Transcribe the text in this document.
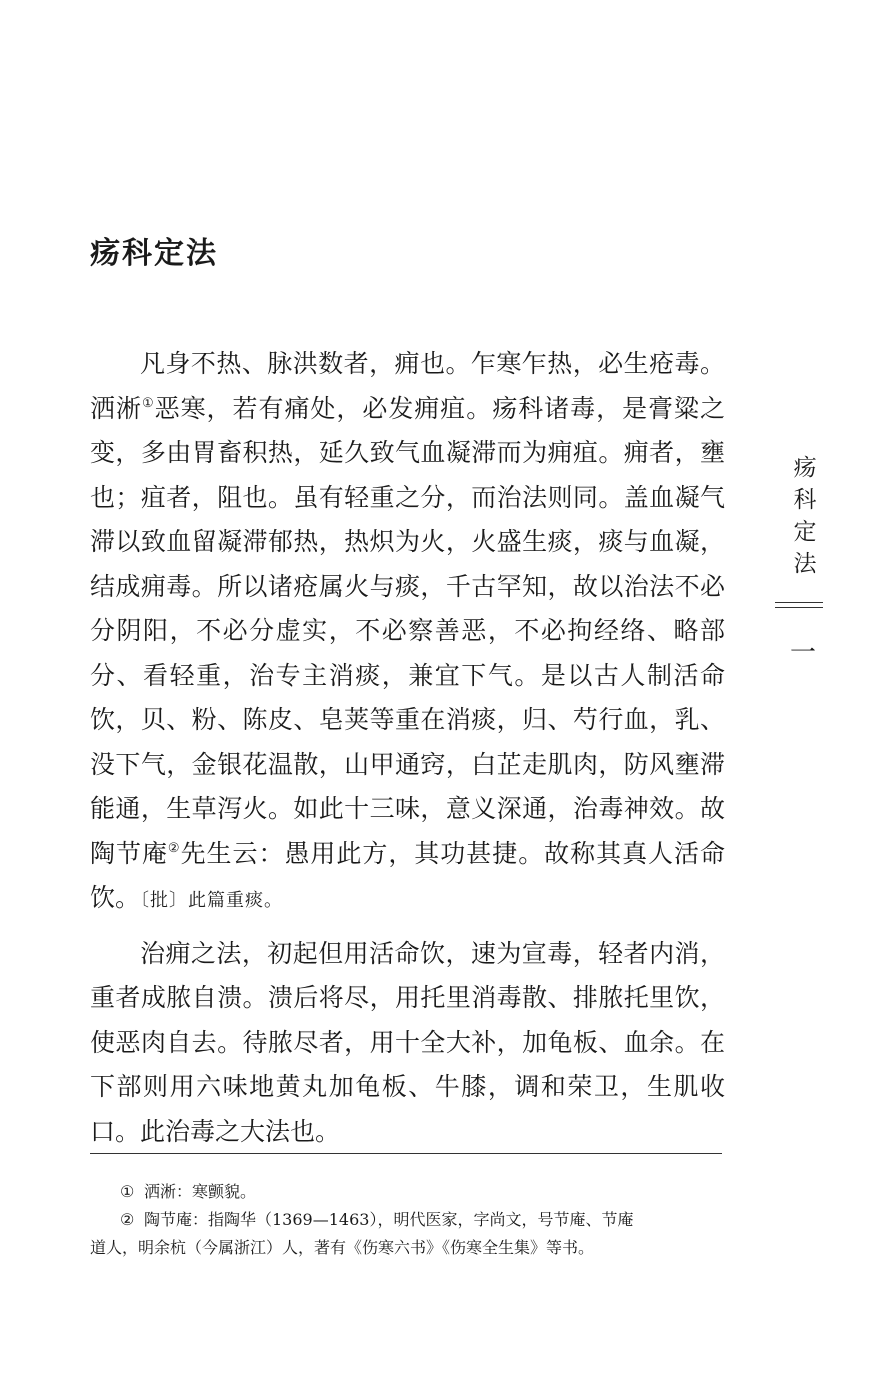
疡科定法
凡身不热、脉洪数者，痈也。乍寒乍热，必生疮毒。
洒淅①恶寒，若有痛处，必发痈疽。疡科诸毒，是膏粱之
变，多由胃畜积热，延久致气血凝滞而为痈疽。痈者，壅
也；疽者，阻也。虽有轻重之分，而治法则同。盖血凝气
滞以致血留凝滞郁热，热炽为火，火盛生痰，痰与血凝，
结成痈毒。所以诸疮属火与痰，千古罕知，故以治法不必
分阴阳，不必分虚实，不必察善恶，不必拘经络、略部
分、看轻重，治专主消痰，兼宜下气。是以古人制活命
饮，贝、粉、陈皮、皂荚等重在消痰，归、芍行血，乳、
没下气，金银花温散，山甲通窍，白芷走肌肉，防风壅滞
能通，生草泻火。如此十三味，意义深通，治毒神效。故
陶节庵②先生云：愚用此方，其功甚捷。故称其真人活命
饮。〔批〕此篇重痰。
治痈之法，初起但用活命饮，速为宣毒，轻者内消，
重者成脓自溃。溃后将尽，用托里消毒散、排脓托里饮，
使恶肉自去。待脓尽者，用十全大补，加龟板、血余。在
下部则用六味地黄丸加龟板、牛膝，调和荣卫，生肌收
口。此治毒之大法也。

① 洒淅：寒颤貌。

② 陶节庵：指陶华（1369—1463），明代医家，字尚文，号节庵、节庵
道人，明余杭（今属浙江）人，著有《伤寒六书》《伤寒全生集》等书。

疡
科
定
法
一
